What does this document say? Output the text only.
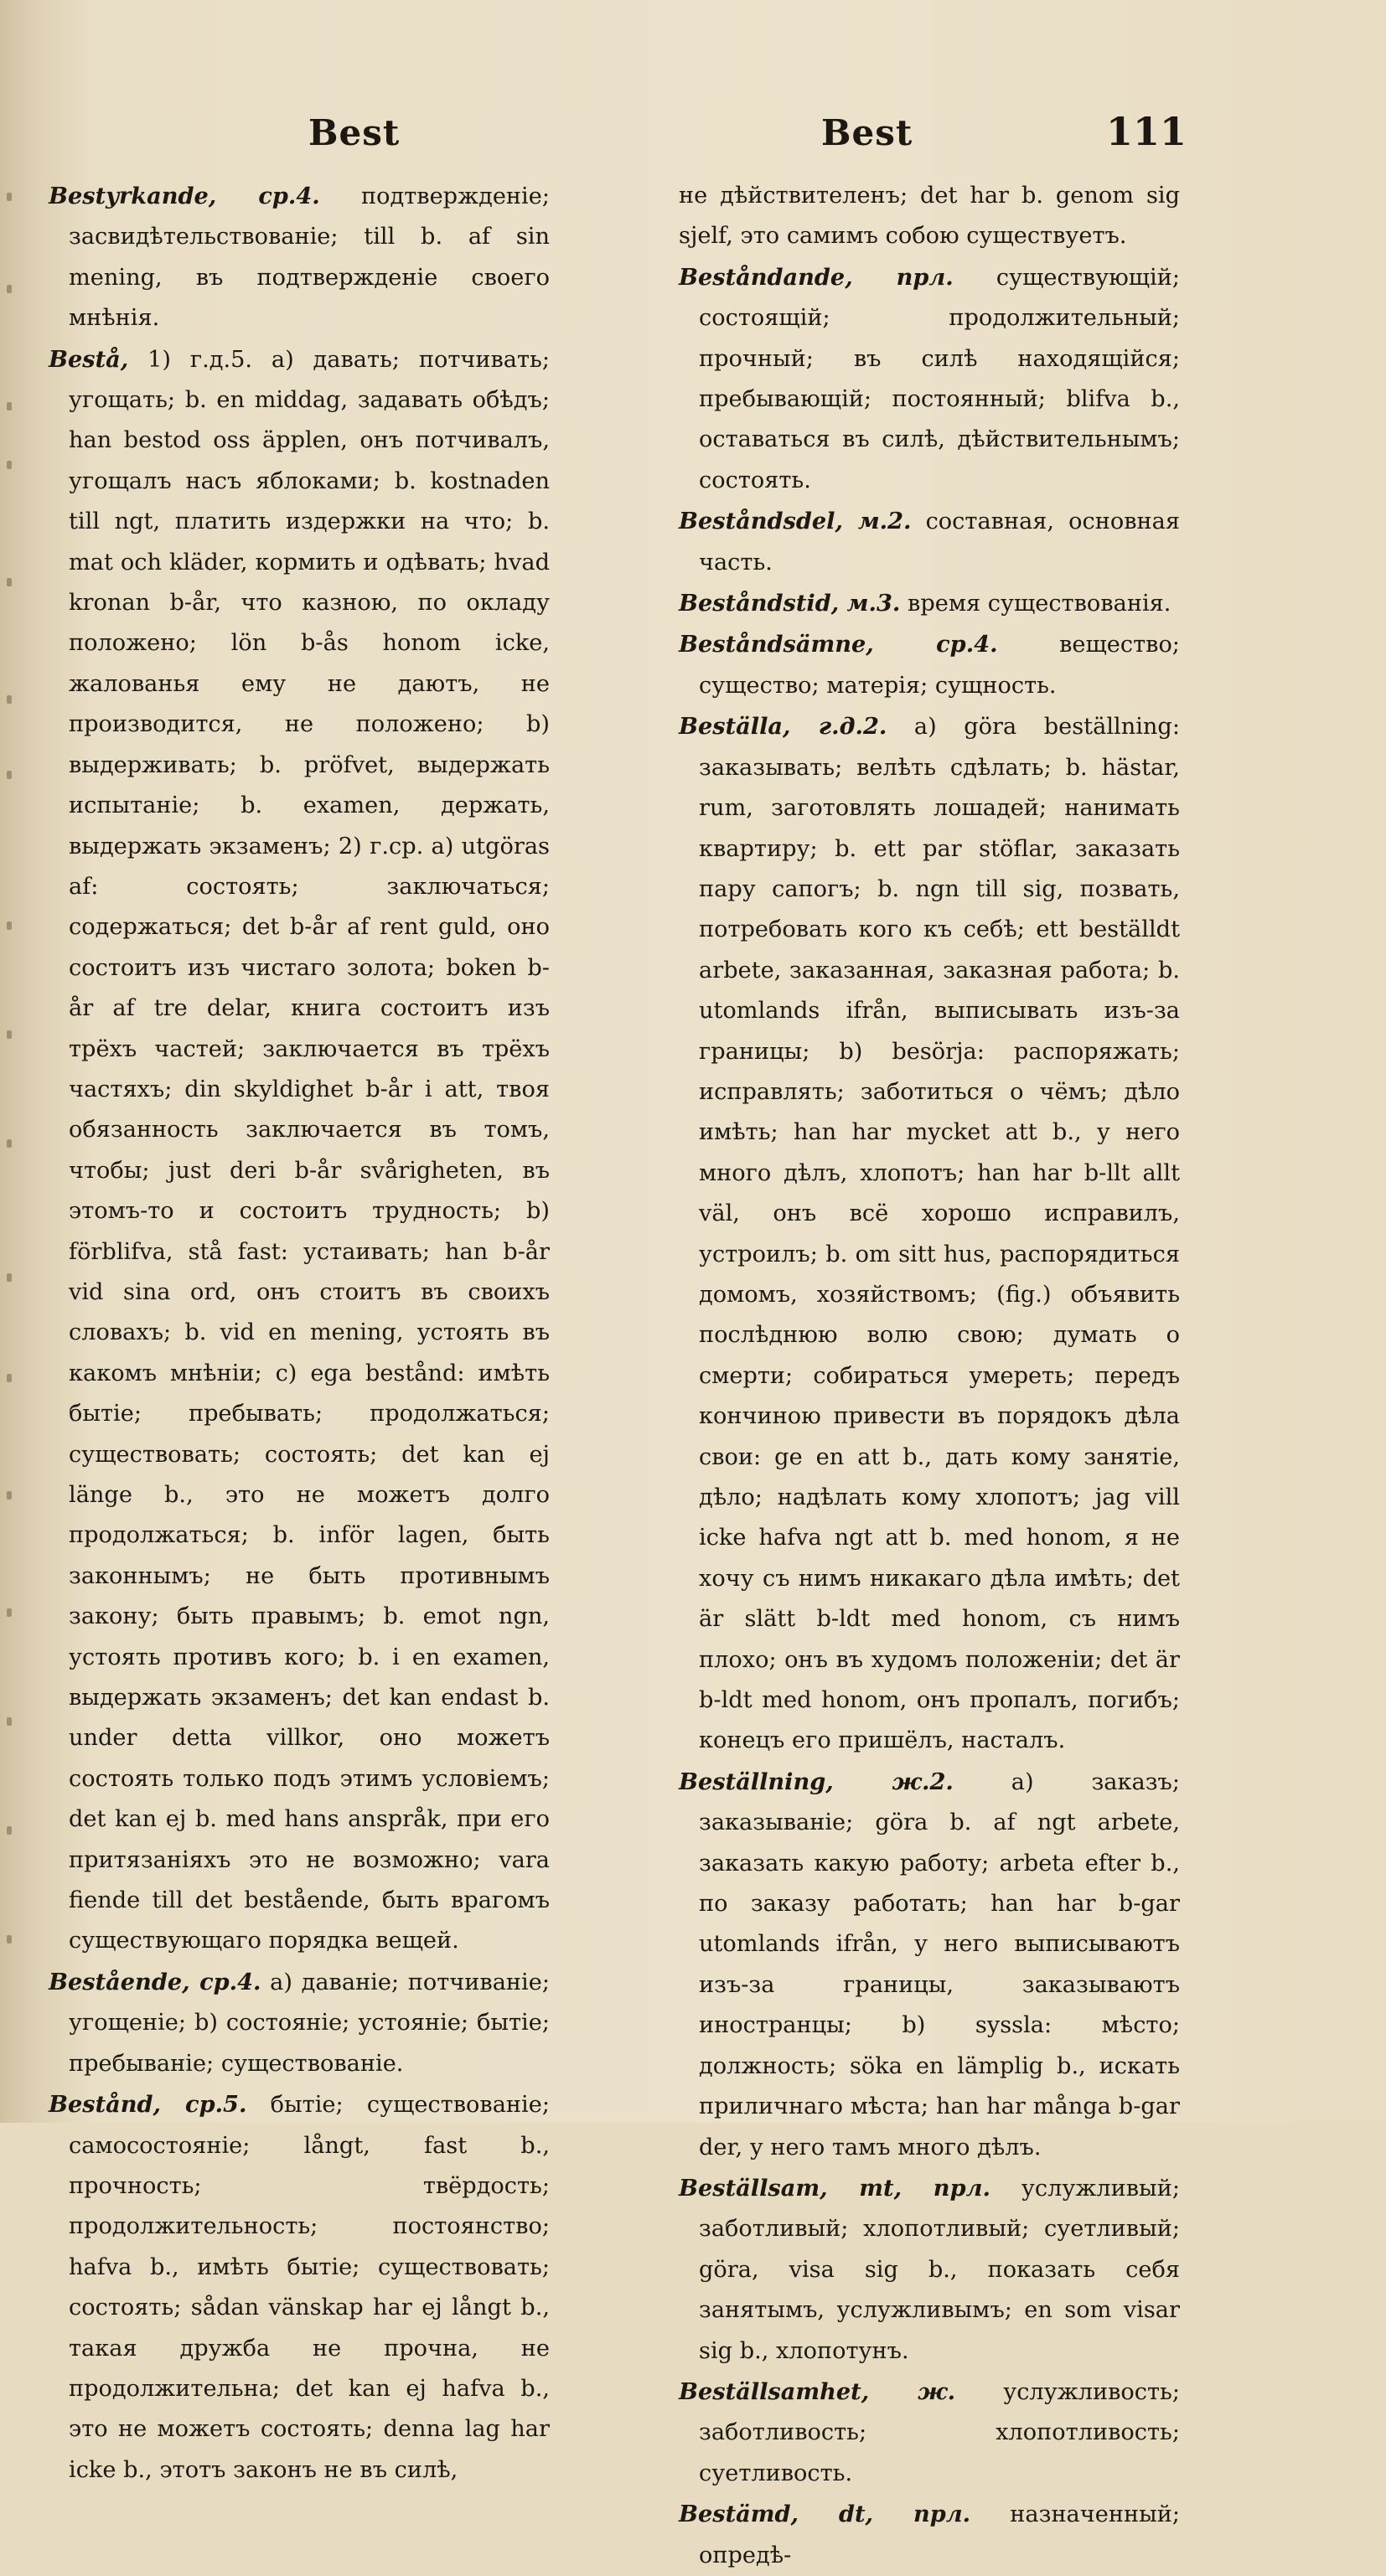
Best	Best	111

Bestyrkande, ср.4. подтвержденіе; засвидѣтельствованіе; till b. af sin mening, въ подтвержденіе своего мнѣнія.

Bestå, 1) г.д.5. а) давать; потчивать; угощать; b. en middag, задавать обѣдъ; han bestod oss äpplen, онъ потчивалъ, угощалъ насъ яблоками; b. kostnaden till ngt, платить издержки на что; b. mat och kläder, кормить и одѣвать; hvad kronan b-år, что казною, по окладу положено; lön b-ås honom icke, жалованья ему не даютъ, не производится, не положено; b) выдерживать; b. pröfvet, выдержать испытаніе; b. examen, держать, выдержать экзаменъ; 2) г.ср. а) utgöras af: состоять; заключаться; содержаться; det b-år af rent guld, оно состоитъ изъ чистаго золота; boken b-år af tre delar, книга состоитъ изъ трёхъ частей; заключается въ трёхъ частяхъ; din skyldighet b-år i att, твоя обязанность заключается въ томъ, чтобы; just deri b-år svårigheten, въ этомъ-то и состоитъ трудность; b) förblifva, stå fast: устаивать; han b-år vid sina ord, онъ стоитъ въ своихъ словахъ; b. vid en mening, устоять въ какомъ мнѣніи; c) ega bestånd: имѣть бытіе; пребывать; продолжаться; существовать; состоять; det kan ej länge b., это не можетъ долго продолжаться; b. inför lagen, быть законнымъ; не быть противнымъ закону; быть правымъ; b. emot ngn, устоять противъ кого; b. i en examen, выдержать экзаменъ; det kan endast b. under detta villkor, оно можетъ состоять только подъ этимъ условіемъ; det kan ej b. med hans anspråk, при его притязаніяхъ это не возможно; vara fiende till det bestående, быть врагомъ существующаго порядка вещей.

Bestående, ср.4. а) даваніе; потчиваніе; угощеніе; b) состояніе; устояніе; бытіе; пребываніе; существованіе.

Bestånd, ср.5. бытіе; существованіе; самосостояніе; långt, fast b., прочность; твёрдость; продолжительность; постоянство; hafva b., имѣть бытіе; существовать; состоять; sådan vänskap har ej långt b., такая дружба не прочна, не продолжительна; det kan ej hafva b., это не можетъ состоять; denna lag har icke b., этотъ законъ не въ силѣ,

не дѣйствителенъ; det har b. genom sig sjelf, это самимъ собою существуетъ.

Beståndande, прл. существующій; состоящій; продолжительный; прочный; въ силѣ находящійся; пребывающій; постоянный; blifva b., оставаться въ силѣ, дѣйствительнымъ; состоять.

Beståndsdel, м.2. составная, основная часть.

Beståndstid, м.3. время существованія.

Beståndsämne, ср.4.	вещество; существо; матерія; сущность.

Beställa, г.д.2. а) göra beställning: заказывать; велѣть сдѣлать; b. hästar, rum, заготовлять лошадей; нанимать квартиру; b. ett par stöflar, заказать пару сапогъ; b. ngn till sig, позвать, потребовать кого къ себѣ; ett beställdt arbete, заказанная, заказная работа; b. utomlands ifrån, выписывать изъ-за границы; b) besörja: распоряжать; исправлять; заботиться о чёмъ; дѣло имѣть; han har mycket att b., у него много дѣлъ, хлопотъ; han har b-llt allt väl, онъ всё хорошо исправилъ, устроилъ; b. om sitt hus, распорядиться домомъ, хозяйствомъ; (fig.) объявить послѣднюю волю свою; думать о смерти; собираться умереть; передъ кончиною привести въ порядокъ дѣла свои: ge en att b., дать кому занятіе, дѣло; надѣлать кому хлопотъ; jag vill icke hafva ngt att b. med honom, я не хочу съ нимъ никакаго дѣла имѣть; det är slätt b-ldt med honom, съ нимъ плохо; онъ въ худомъ положеніи; det är b-ldt med honom, онъ пропалъ, погибъ; конецъ его пришёлъ, насталъ.

Beställning, ж.2.	а) заказъ; заказываніе; göra b. af ngt arbete, заказать какую работу; arbeta efter b., по заказу работать; han har b-gar utomlands ifrån, у него выписываютъ изъ-за границы, заказываютъ иностранцы; b) syssla: мѣсто; должность; söka en lämplig b., искать приличнаго мѣста; han har många b-gar der, у него тамъ много дѣлъ.

Beställsam, mt, прл. услужливый; заботливый; хлопотливый; суетливый; göra, visa sig b., показать себя занятымъ, услужливымъ; en som visar sig b., хлопотунъ.

Beställsamhet, ж. услужливость; заботливость; хлопотливость; суетливость.

Bestämd, dt, прл. назначенный; опредѣ-
